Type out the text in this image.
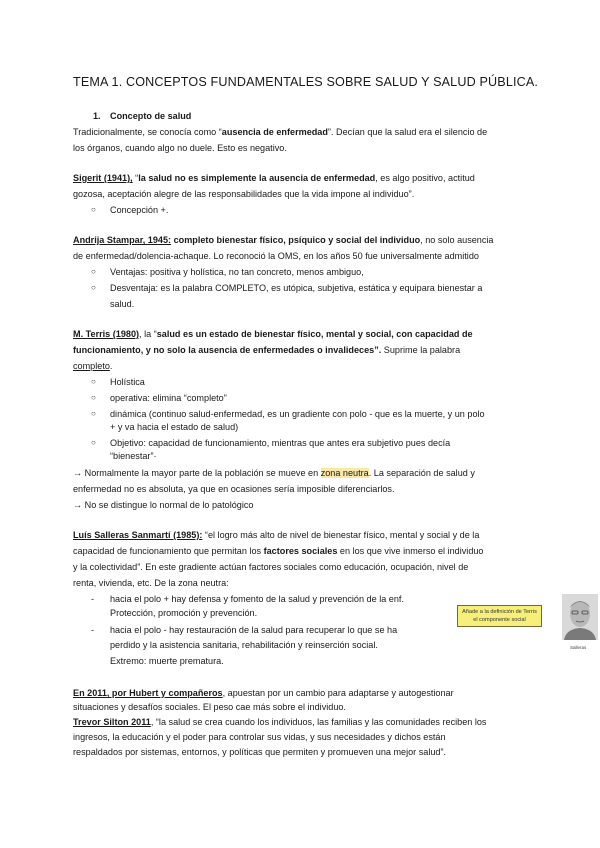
TEMA 1. CONCEPTOS FUNDAMENTALES SOBRE SALUD Y SALUD PÚBLICA.
1. Concepto de salud

Tradicionalmente, se conocía como “ausencia de enfermedad”. Decían que la salud era el silencio de

los órganos, cuando algo no duele. Esto es negativo.

Sigerit (1941), “la salud no es simplemente la ausencia de enfermedad, es algo positivo, actitud

gozosa, aceptación alegre de las responsabilidades que la vida impone al individuo”.

○ Concepción +.

Andrija Stampar, 1945: completo bienestar físico, psíquico y social del individuo, no solo ausencia

de enfermedad/dolencia-achaque. Lo reconoció la OMS, en los años 50 fue universalmente admitido

○ Ventajas: positiva y holística, no tan concreto, menos ambiguo,

○ Desventaja: es la palabra COMPLETO, es utópica, subjetiva, estática y equipara bienestar a

salud.

M. Terris (1980), la “salud es un estado de bienestar físico, mental y social, con capacidad de

funcionamiento, y no solo la ausencia de enfermedades o invalideces”. Suprime la palabra

completo.

○ Holística

○ operativa: elimina “completo”

○ dinámica (continuo salud-enfermedad, es un gradiente con polo - que es la muerte, y un polo

+ y va hacia el estado de salud)

○ Objetivo: capacidad de funcionamiento, mientras que antes era subjetivo pues decía

“bienestar”·

→ Normalmente la mayor parte de la población se mueve en zona neutra. La separación de salud y

enfermedad no es absoluta, ya que en ocasiones sería imposible diferenciarlos.

→ No se distingue lo normal de lo patológico

Luís Salleras Sanmartí (1985): “el logro más alto de nivel de bienestar físico, mental y social y de la

capacidad de funcionamiento que permitan los factores sociales en los que vive inmerso el individuo

y la colectividad”. En este gradiente actúan factores sociales como educación, ocupación, nivel de

renta, vivienda, etc. De la zona neutra:

- hacia el polo + hay defensa y fomento de la salud y prevención de la enf.

Protección, promoción y prevención.

- hacia el polo - hay restauración de la salud para recuperar lo que se ha

perdido y la asistencia sanitaria, rehabilitación y reinserción social.

Extremo: muerte prematura.

En 2011, por Hubert y compañeros, apuestan por un cambio para adaptarse y autogestionar

situaciones y desafíos sociales. El peso cae más sobre el individuo.

Trevor Silton 2011, “la salud se crea cuando los individuos, las familias y las comunidades reciben los

ingresos, la educación y el poder para controlar sus vidas, y sus necesidades y dichos están

respaldados por sistemas, entornos, y políticas que permiten y promueven una mejor salud”.

Añade a la definición de Terris
el componente social
Salleras
